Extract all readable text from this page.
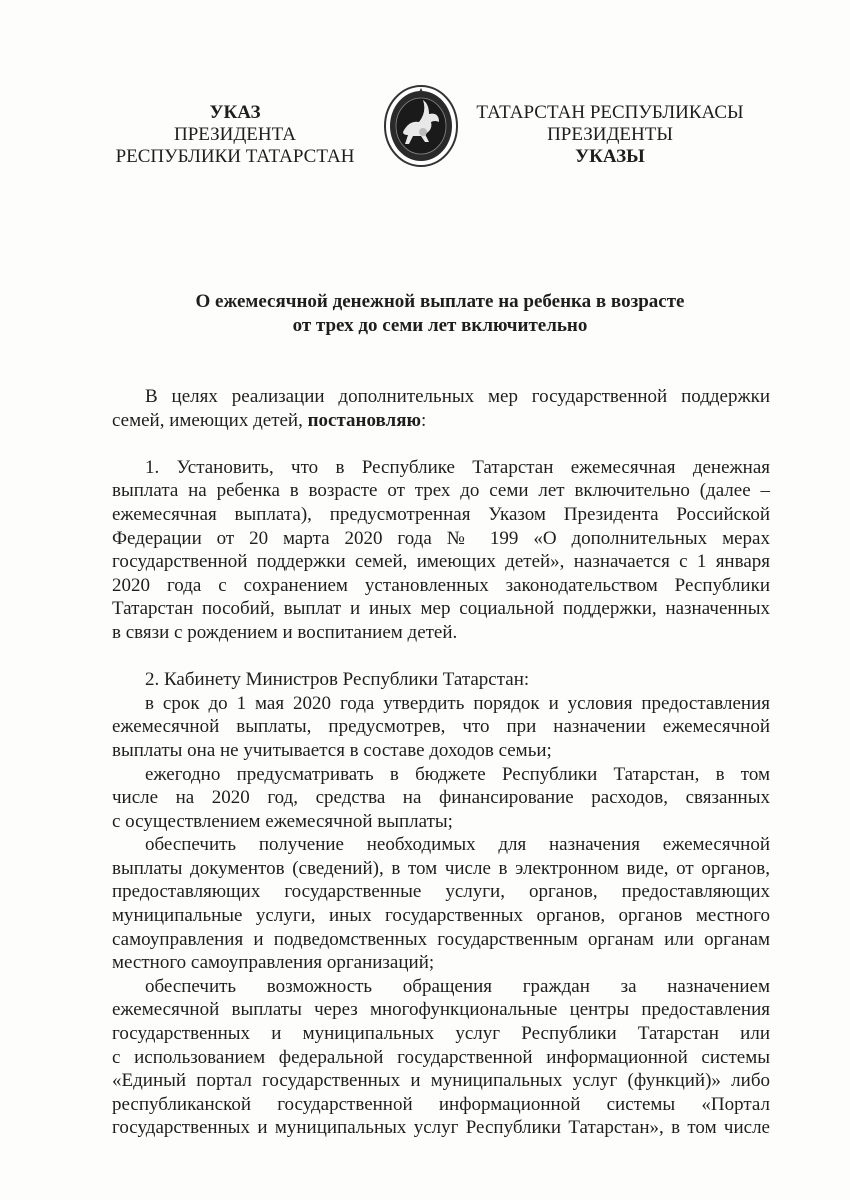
УКАЗ
ПРЕЗИДЕНТА
РЕСПУБЛИКИ ТАТАРСТАН
ТАТАРСТАН РЕСПУБЛИКАСЫ
ПРЕЗИДЕНТЫ
УКАЗЫ
О ежемесячной денежной выплате на ребенка в возрасте
от трех до семи лет включительно
В целях реализации дополнительных мер государственной поддержки
семей, имеющих детей, постановляю:
1. Установить, что в Республике Татарстан ежемесячная денежная
выплата на ребенка в возрасте от трех до семи лет включительно (далее –
ежемесячная выплата), предусмотренная Указом Президента Российской
Федерации от 20 марта 2020 года № 199 «О дополнительных мерах
государственной поддержки семей, имеющих детей», назначается с 1 января
2020 года с сохранением установленных законодательством Республики
Татарстан пособий, выплат и иных мер социальной поддержки, назначенных
в связи с рождением и воспитанием детей.
2. Кабинету Министров Республики Татарстан:
в срок до 1 мая 2020 года утвердить порядок и условия предоставления
ежемесячной выплаты, предусмотрев, что при назначении ежемесячной
выплаты она не учитывается в составе доходов семьи;
ежегодно предусматривать в бюджете Республики Татарстан, в том
числе на 2020 год, средства на финансирование расходов, связанных
с осуществлением ежемесячной выплаты;
обеспечить получение необходимых для назначения ежемесячной
выплаты документов (сведений), в том числе в электронном виде, от органов,
предоставляющих государственные услуги, органов, предоставляющих
муниципальные услуги, иных государственных органов, органов местного
самоуправления и подведомственных государственным органам или органам
местного самоуправления организаций;
обеспечить возможность обращения граждан за назначением
ежемесячной выплаты через многофункциональные центры предоставления
государственных и муниципальных услуг Республики Татарстан или
с использованием федеральной государственной информационной системы
«Единый портал государственных и муниципальных услуг (функций)» либо
республиканской государственной информационной системы «Портал
государственных и муниципальных услуг Республики Татарстан», в том числе
